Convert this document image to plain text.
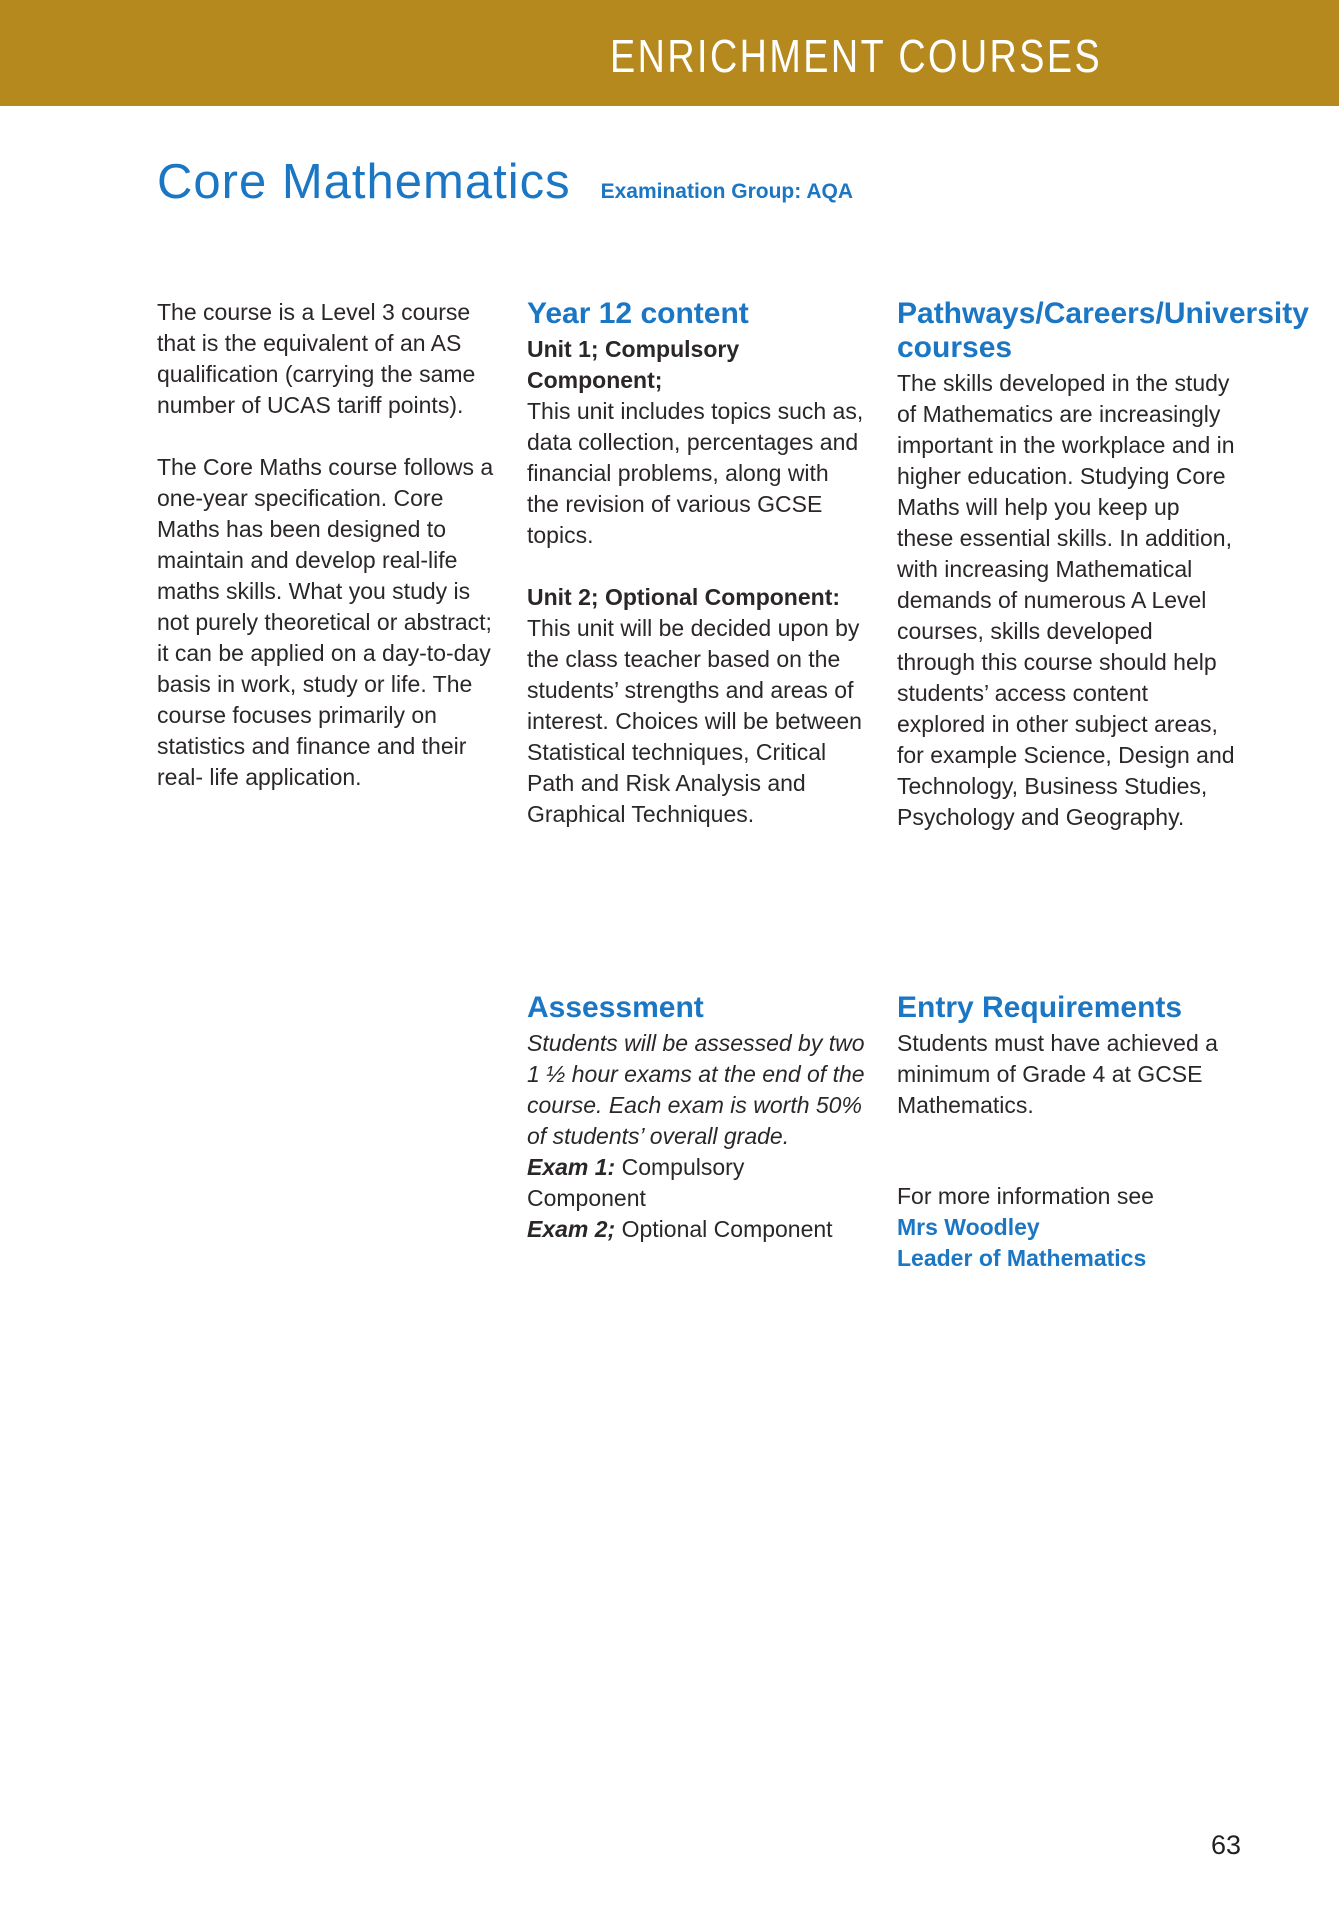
ENRICHMENT COURSES
Core Mathematics Examination Group: AQA

The course is a Level 3 course that is the equivalent of an AS qualification (carrying the same number of UCAS tariff points).

The Core Maths course follows a one-year specification. Core Maths has been designed to maintain and develop real-life maths skills. What you study is not purely theoretical or abstract; it can be applied on a day-to-day basis in work, study or life. The course focuses primarily on statistics and finance and their real- life application.

Year 12 content

Unit 1; Compulsory Component;

This unit includes topics such as, data collection, percentages and financial problems, along with the revision of various GCSE topics.

Unit 2; Optional Component:

This unit will be decided upon by the class teacher based on the students’ strengths and areas of interest. Choices will be between Statistical techniques, Critical Path and Risk Analysis and Graphical Techniques.

Pathways/Careers/University courses

The skills developed in the study of Mathematics are increasingly important in the workplace and in higher education. Studying Core Maths will help you keep up these essential skills. In addition, with increasing Mathematical demands of numerous A Level courses, skills developed through this course should help students’ access content explored in other subject areas, for example Science, Design and Technology, Business Studies, Psychology and Geography.

Assessment

Students will be assessed by two 1 ½ hour exams at the end of the course. Each exam is worth 50% of students’ overall grade.

Exam 1: Compulsory Component

Exam 2; Optional Component

Entry Requirements

Students must have achieved a minimum of Grade 4 at GCSE Mathematics.

For more information see

Mrs Woodley

Leader of Mathematics

63
